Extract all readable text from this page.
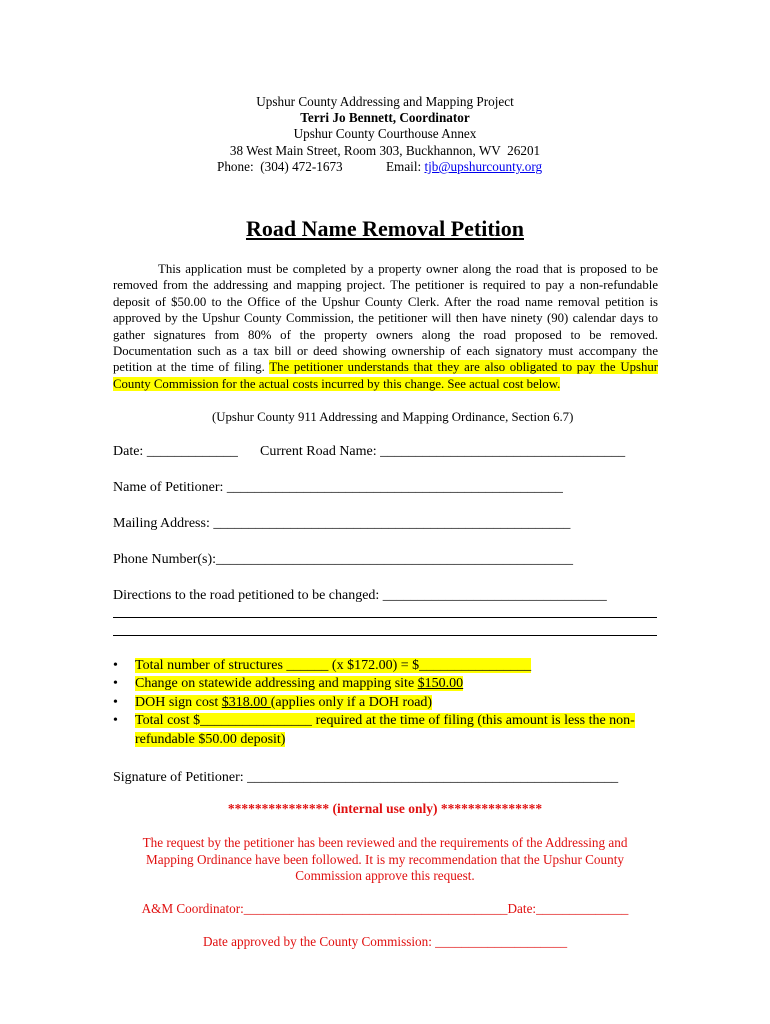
Upshur County Addressing and Mapping Project
Terri Jo Bennett, Coordinator
Upshur County Courthouse Annex
38 West Main Street, Room 303, Buckhannon, WV  26201
Phone:  (304) 472-1673	Email: tjb@upshurcounty.org
Road Name Removal Petition
This application must be completed by a property owner along the road that is proposed to be removed from the addressing and mapping project. The petitioner is required to pay a non-refundable deposit of $50.00 to the Office of the Upshur County Clerk. After the road name removal petition is approved by the Upshur County Commission, the petitioner will then have ninety (90) calendar days to gather signatures from 80% of the property owners along the road proposed to be removed. Documentation such as a tax bill or deed showing ownership of each signatory must accompany the petition at the time of filing. The petitioner understands that they are also obligated to pay the Upshur County Commission for the actual costs incurred by this change. See actual cost below.
(Upshur County 911 Addressing and Mapping Ordinance, Section 6.7)
Date: _____________ Current Road Name: ___________________________________
Name of Petitioner: ________________________________________________
Mailing Address: ___________________________________________________
Phone Number(s):___________________________________________________
Directions to the road petitioned to be changed: ________________________________
• Total number of structures ______ (x $172.00) = $________________
• Change on statewide addressing and mapping site $150.00
• DOH sign cost $318.00 (applies only if a DOH road)
• Total cost $________________ required at the time of filing (this amount is less the non-refundable $50.00 deposit)
Signature of Petitioner: _____________________________________________________
*************** (internal use only) ***************
The request by the petitioner has been reviewed and the requirements of the Addressing and
Mapping Ordinance have been followed. It is my recommendation that the Upshur County
Commission approve this request.
A&M Coordinator:________________________________________Date:______________
Date approved by the County Commission: ____________________
